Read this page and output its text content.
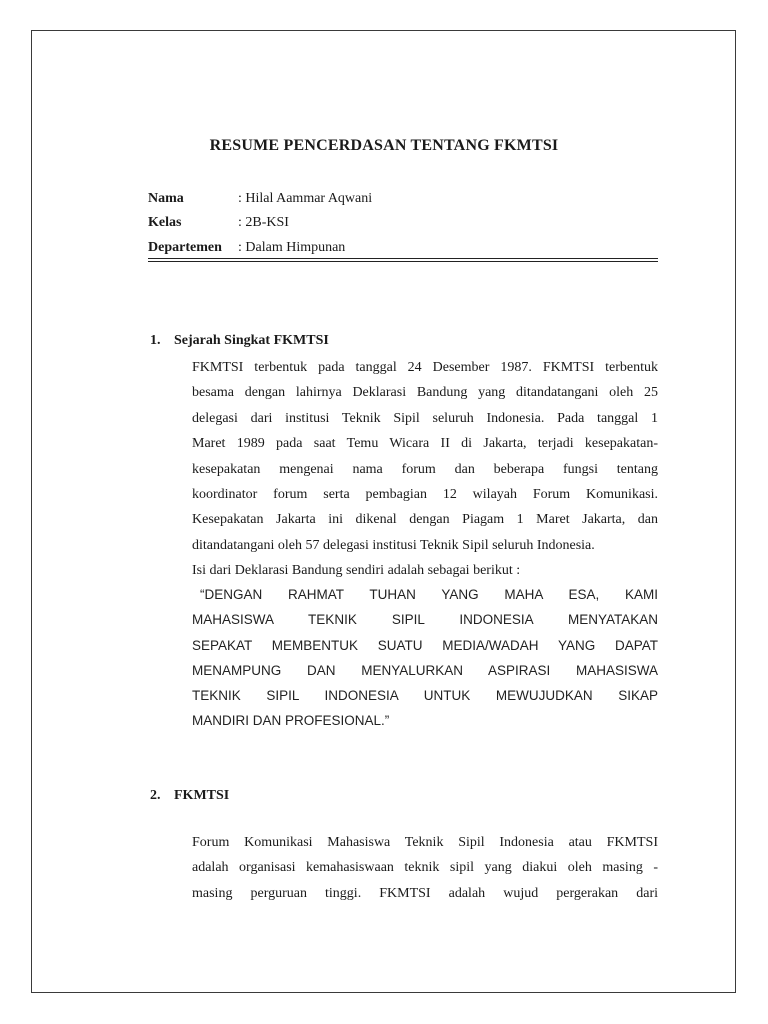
RESUME PENCERDASAN TENTANG FKMTSI
Nama	: Hilal Aammar Aqwani
Kelas	: 2B-KSI
Departemen : Dalam Himpunan
1. Sejarah Singkat FKMTSI
FKMTSI terbentuk pada tanggal 24 Desember 1987. FKMTSI terbentuk
besama dengan lahirnya Deklarasi Bandung yang ditandatangani oleh 25
delegasi dari institusi Teknik Sipil seluruh Indonesia. Pada tanggal 1
Maret 1989 pada saat Temu Wicara II di Jakarta, terjadi kesepakatan-
kesepakatan mengenai nama forum dan beberapa fungsi tentang
koordinator forum serta pembagian 12 wilayah Forum Komunikasi.
Kesepakatan Jakarta ini dikenal dengan Piagam 1 Maret Jakarta, dan
ditandatangani oleh 57 delegasi institusi Teknik Sipil seluruh Indonesia.
Isi dari Deklarasi Bandung sendiri adalah sebagai berikut :
“DENGAN RAHMAT TUHAN YANG MAHA ESA, KAMI
MAHASISWA TEKNIK SIPIL INDONESIA MENYATAKAN
SEPAKAT MEMBENTUK SUATU MEDIA/WADAH YANG DAPAT
MENAMPUNG DAN MENYALURKAN ASPIRASI MAHASISWA
TEKNIK SIPIL INDONESIA UNTUK MEWUJUDKAN SIKAP
MANDIRI DAN PROFESIONAL.”
2. FKMTSI
Forum Komunikasi Mahasiswa Teknik Sipil Indonesia atau FKMTSI
adalah organisasi kemahasiswaan teknik sipil yang diakui oleh masing -
masing perguruan tinggi. FKMTSI adalah wujud pergerakan dari
